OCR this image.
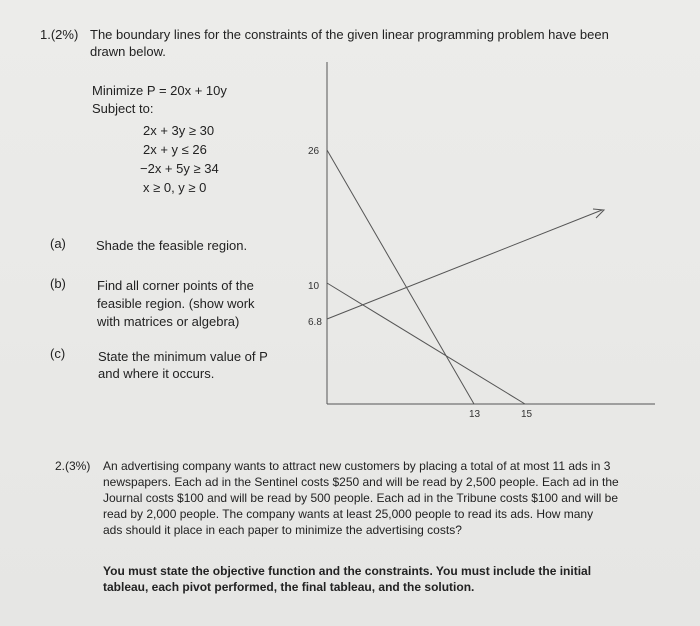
1.(2%) The boundary lines for the constraints of the given linear programming problem have been
drawn below.
Minimize P = 20x + 10y
Subject to:
2x + 3y ≥ 30
2x + y ≤ 26
−2x + 5y ≥ 34
x ≥ 0, y ≥ 0
(a) Shade the feasible region.
(b) Find all corner points of the
feasible region. (show work
with matrices or algebra)
(c)	State the minimum value of P
and where it occurs.
26
10
6.8
13	15
2.(3%) An advertising company wants to attract new customers by placing a total of at most 11 ads in 3
newspapers. Each ad in the Sentinel costs $250 and will be read by 2,500 people. Each ad in the
Journal costs $100 and will be read by 500 people. Each ad in the Tribune costs $100 and will be
read by 2,000 people. The company wants at least 25,000 people to read its ads. How many
ads should it place in each paper to minimize the advertising costs?
You must state the objective function and the constraints. You must include the initial
tableau, each pivot performed, the final tableau, and the solution.
